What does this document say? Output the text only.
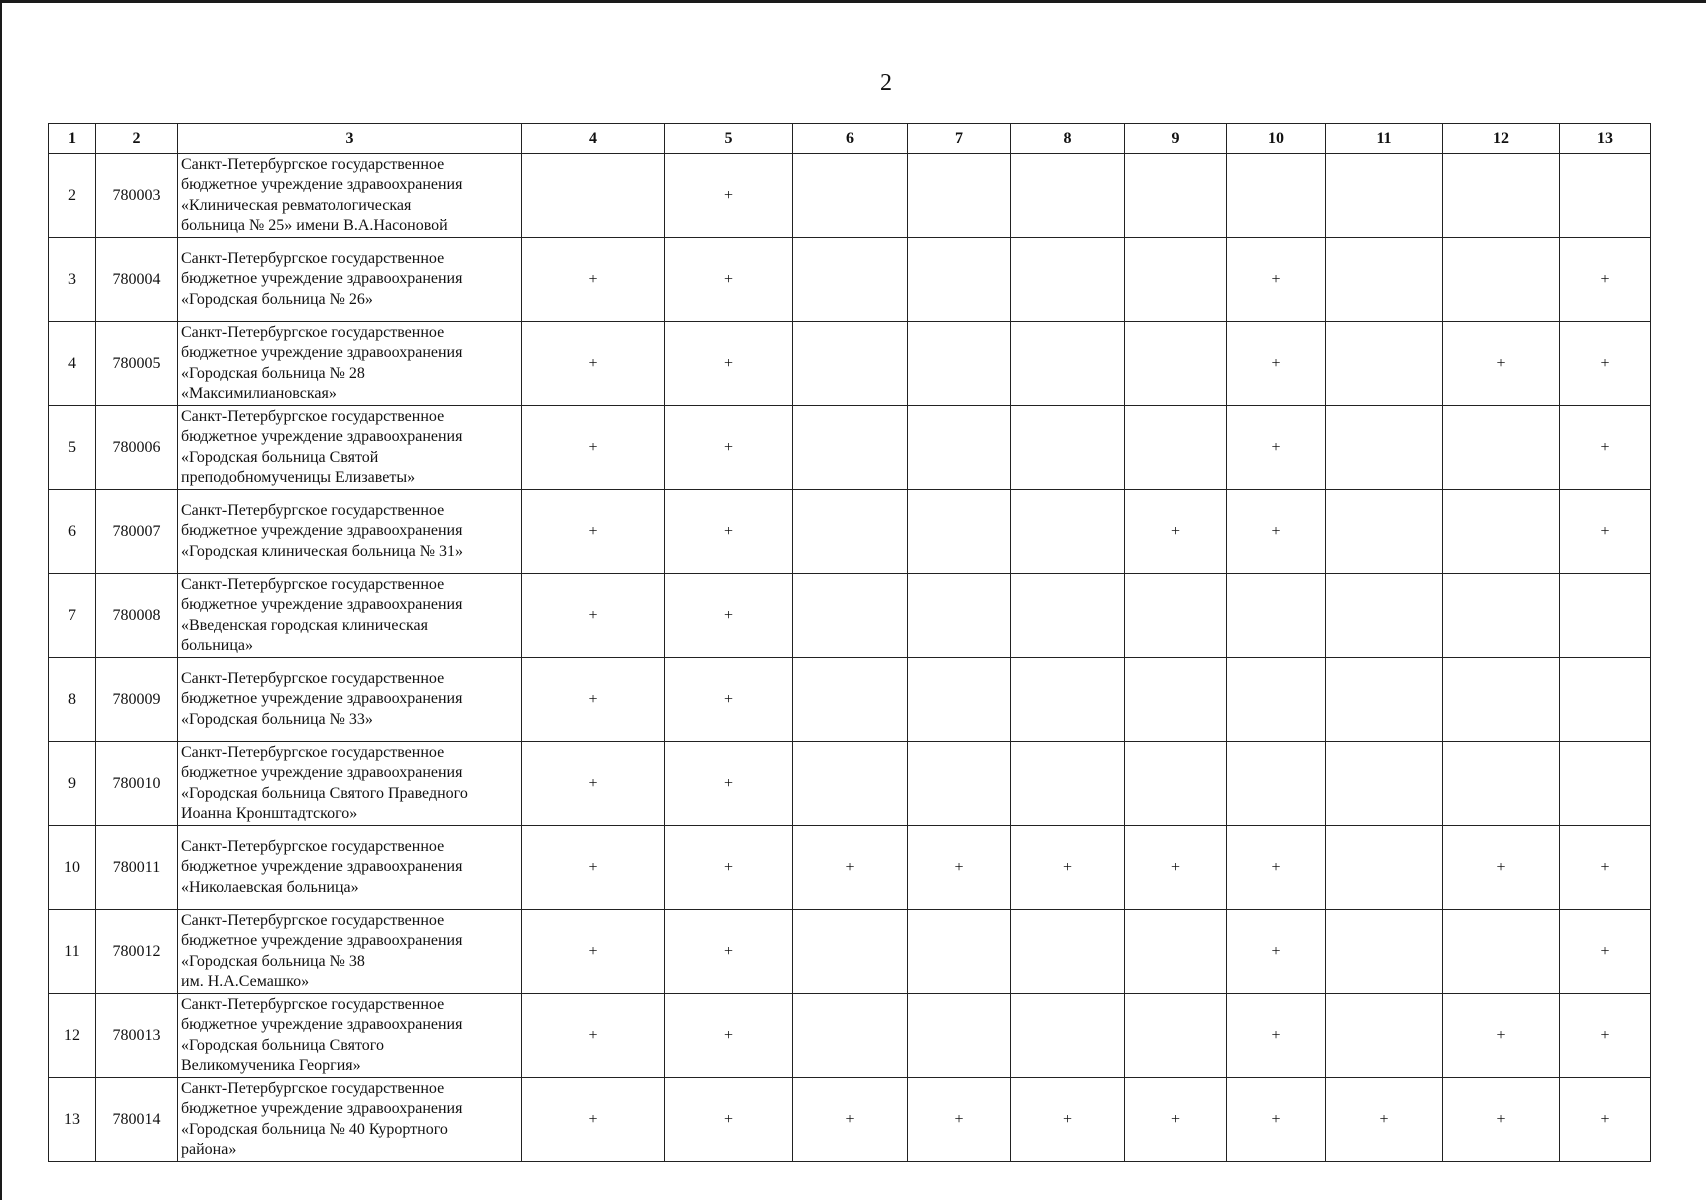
2
1	2	3	4	5	6	7	8	9	10	11	12	13
2	780003	Санкт-Петербургское государственное
бюджетное учреждение здравоохранения
«Клиническая ревматологическая
больница № 25» имени В.А.Насоновой		+								
3	780004	Санкт-Петербургское государственное
бюджетное учреждение здравоохранения
«Городская больница № 26»	+	+					+			+
4	780005	Санкт-Петербургское государственное
бюджетное учреждение здравоохранения
«Городская больница № 28
«Максимилиановская»	+	+					+		+	+
5	780006	Санкт-Петербургское государственное
бюджетное учреждение здравоохранения
«Городская больница Святой
преподобномученицы Елизаветы»	+	+					+			+
6	780007	Санкт-Петербургское государственное
бюджетное учреждение здравоохранения
«Городская клиническая больница № 31»	+	+				+	+			+
7	780008	Санкт-Петербургское государственное
бюджетное учреждение здравоохранения
«Введенская городская клиническая
больница»	+	+								
8	780009	Санкт-Петербургское государственное
бюджетное учреждение здравоохранения
«Городская больница № 33»	+	+								
9	780010	Санкт-Петербургское государственное
бюджетное учреждение здравоохранения
«Городская больница Святого Праведного
Иоанна Кронштадтского»	+	+								
10	780011	Санкт-Петербургское государственное
бюджетное учреждение здравоохранения
«Николаевская больница»	+	+	+	+	+	+	+		+	+
11	780012	Санкт-Петербургское государственное
бюджетное учреждение здравоохранения
«Городская больница № 38
им. Н.А.Семашко»	+	+					+			+
12	780013	Санкт-Петербургское государственное
бюджетное учреждение здравоохранения
«Городская больница Святого
Великомученика Георгия»	+	+					+		+	+
13	780014	Санкт-Петербургское государственное
бюджетное учреждение здравоохранения
«Городская больница № 40 Курортного
района»	+	+	+	+	+	+	+	+	+	+
